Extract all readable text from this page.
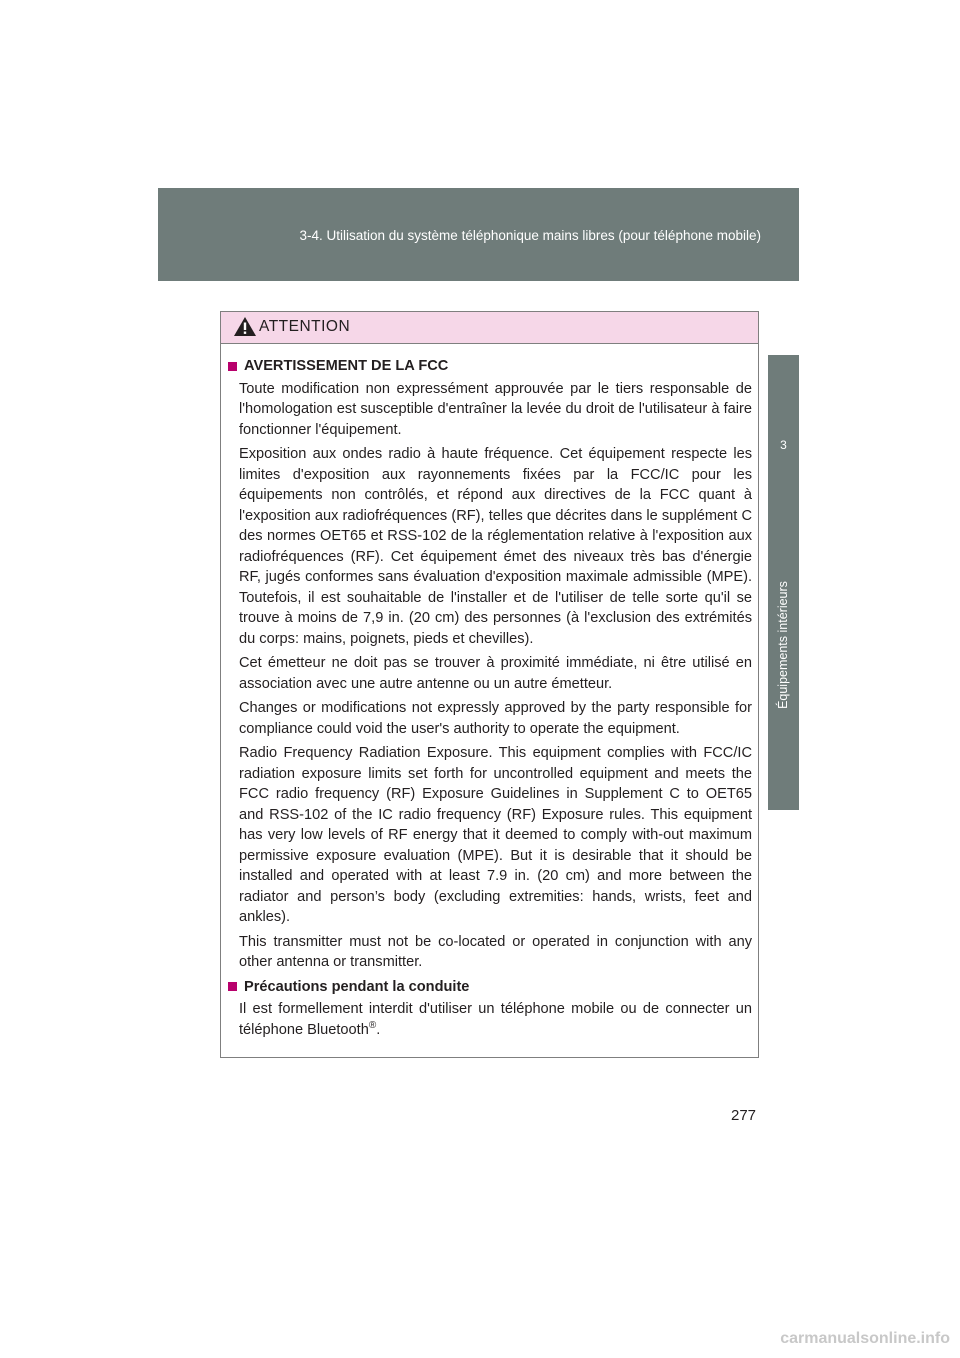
3-4. Utilisation du système téléphonique mains libres (pour téléphone mobile)
3
Équipements intérieurs
ATTENTION
AVERTISSEMENT DE LA FCC
Toute modification non expressément approuvée par le tiers responsable de l'homologation est susceptible d'entraîner la levée du droit de l'utilisateur à faire fonctionner l'équipement.
Exposition aux ondes radio à haute fréquence. Cet équipement respecte les limites d'exposition aux rayonnements fixées par la FCC/IC pour les équipements non contrôlés, et répond aux directives de la FCC quant à l'exposition aux radiofréquences (RF), telles que décrites dans le supplément C des normes OET65 et RSS-102 de la réglementation relative à l'exposition aux radiofréquences (RF). Cet équipement émet des niveaux très bas d'énergie RF, jugés conformes sans évaluation d'exposition maximale admissible (MPE). Toutefois, il est souhaitable de l'installer et de l'utiliser de telle sorte qu'il se trouve à moins de 7,9 in. (20 cm) des personnes (à l'exclusion des extrémités du corps: mains, poignets, pieds et chevilles).
Cet émetteur ne doit pas se trouver à proximité immédiate, ni être utilisé en association avec une autre antenne ou un autre émetteur.
Changes or modifications not expressly approved by the party responsible for compliance could void the user's authority to operate the equipment.
Radio Frequency Radiation Exposure. This equipment complies with FCC/IC radiation exposure limits set forth for uncontrolled equipment and meets the FCC radio frequency (RF) Exposure Guidelines in Supplement C to OET65 and RSS-102 of the IC radio frequency (RF) Exposure rules. This equipment has very low levels of RF energy that it deemed to comply with-out maximum permissive exposure evaluation (MPE). But it is desirable that it should be installed and operated with at least 7.9 in. (20 cm) and more between the radiator and person’s body (excluding extremities: hands, wrists, feet and ankles).
This transmitter must not be co-located or operated in conjunction with any other antenna or transmitter.
Précautions pendant la conduite
Il est formellement interdit d'utiliser un téléphone mobile ou de connecter un téléphone Bluetooth®.
277
carmanualsonline.info
